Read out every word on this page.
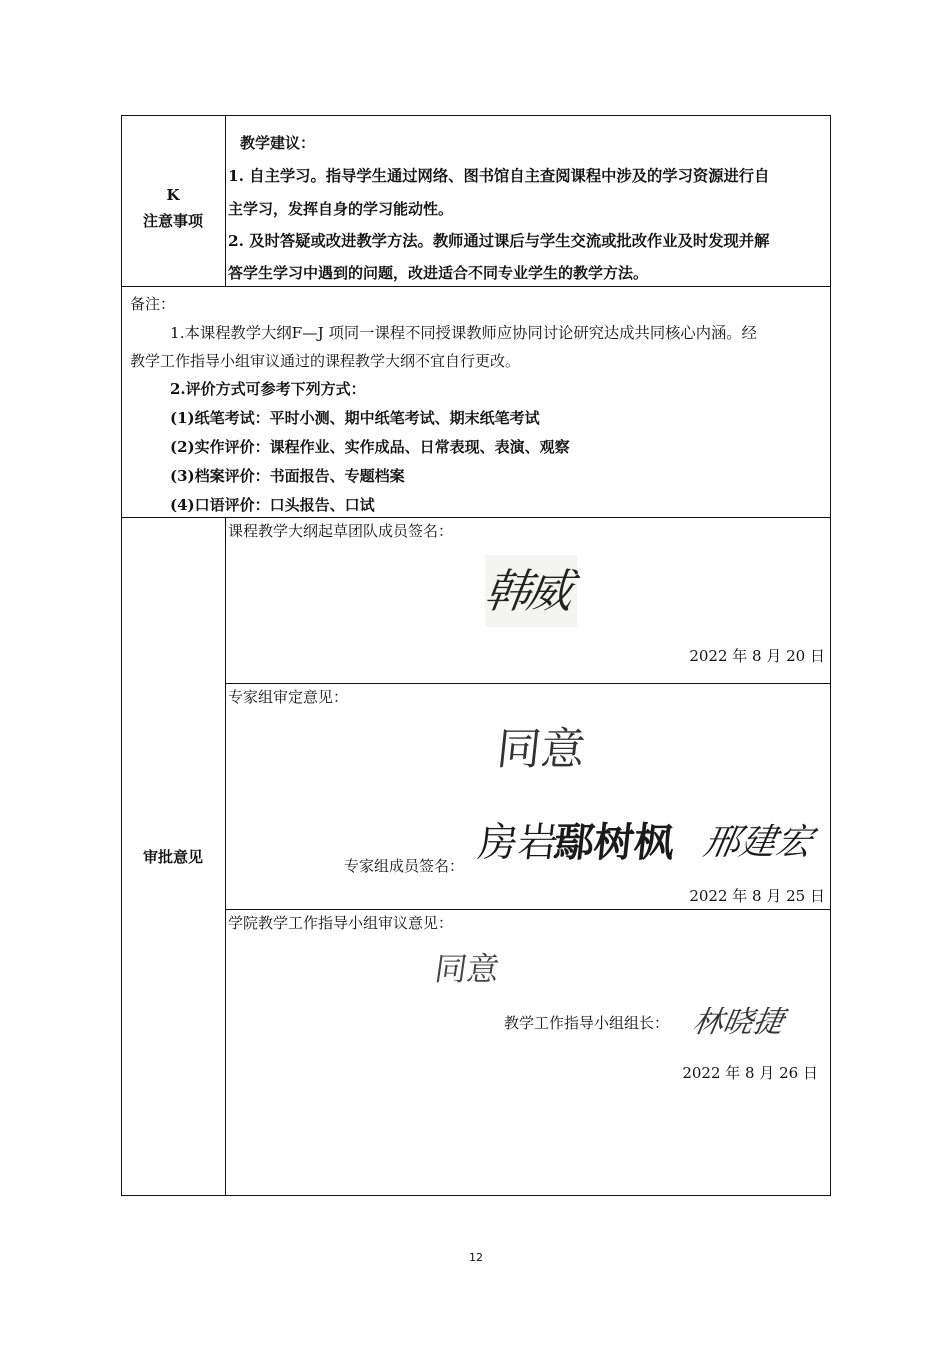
K
注意事项
教学建议：
1. 自主学习。指导学生通过网络、图书馆自主查阅课程中涉及的学习资源进行自
主学习，发挥自身的学习能动性。
2. 及时答疑或改进教学方法。教师通过课后与学生交流或批改作业及时发现并解
答学生学习中遇到的问题，改进适合不同专业学生的教学方法。
备注：
1.本课程教学大纲F—J 项同一课程不同授课教师应协同讨论研究达成共同核心内涵。经
教学工作指导小组审议通过的课程教学大纲不宜自行更改。
2.评价方式可参考下列方式：
(1)纸笔考试：平时小测、期中纸笔考试、期末纸笔考试
(2)实作评价：课程作业、实作成品、日常表现、表演、观察
(3)档案评价：书面报告、专题档案
(4)口语评价：口头报告、口试
审批意见
课程教学大纲起草团队成员签名：
韩威
2022 年 8 月 20 日
专家组审定意见：
同意
专家组成员签名： 房岩
鄢树枫 邢建宏
2022 年 8 月 25 日
学院教学工作指导小组审议意见：
同意
教学工作指导小组组长： 林晓捷
2022 年 8 月 26 日
12
